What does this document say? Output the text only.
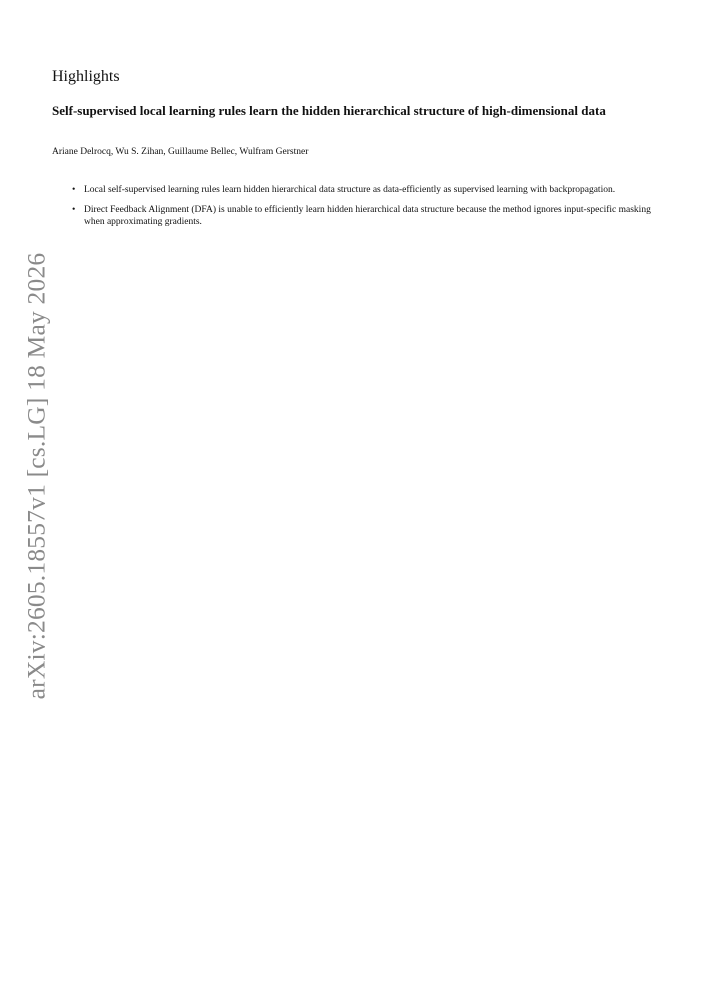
arXiv:2605.18557v1 [cs.LG] 18 May 2026
Highlights
Self-supervised local learning rules learn the hidden hierarchical structure of high-dimensional data

Ariane Delrocq, Wu S. Zihan, Guillaume Bellec, Wulfram Gerstner

• Local self-supervised learning rules learn hidden hierarchical data structure as data-efficiently as supervised learning with backpropagation.
• Direct Feedback Alignment (DFA) is unable to efficiently learn hidden hierarchical data structure because the method ignores input-specific masking when approximating gradients.
